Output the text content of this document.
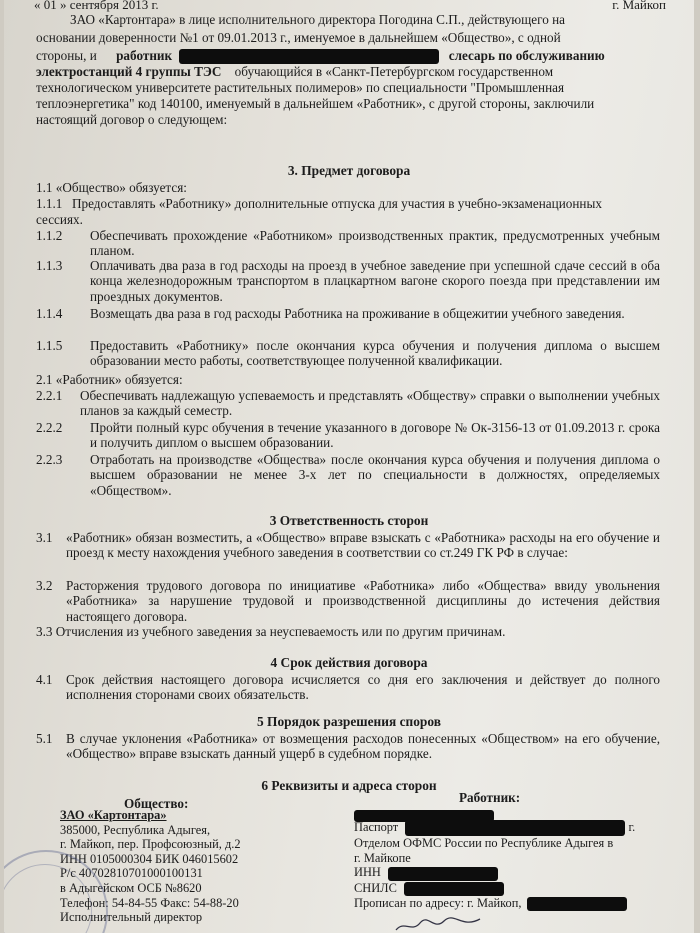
« 01 » сентября 2013 г.	г. Майкоп
ЗАО «Картонтара» в лице исполнительного директора Погодина С.П., действующего на
основании доверенности №1 от 09.01.2013 г., именуемое в дальнейшем «Общество», с одной
стороны, и работник	слесарь по обслуживанию
электростанций 4 группы ТЭС обучающийся в «Санкт-Петербургском государственном
технологическом университете растительных полимеров» по специальности "Промышленная
теплоэнергетика" код 140100, именуемый в дальнейшем «Работник», с другой стороны, заключили
настоящий договор о следующем:
3. Предмет договора
1.1 «Общество» обязуется:
1.1.1 Предоставлять «Работнику» дополнительные отпуска для участия в учебно-экзаменационных
сессиях.
1.1.2 Обеспечивать прохождение «Работником» производственных практик, предусмотренных учебным планом.
1.1.3 Оплачивать два раза в год расходы на проезд в учебное заведение при успешной сдаче сессий в оба конца железнодорожным транспортом в плацкартном вагоне скорого поезда при представлении им проездных документов.
1.1.4 Возмещать два раза в год расходы Работника на проживание в общежитии учебного заведения.
1.1.5 Предоставить «Работнику» после окончания курса обучения и получения диплома о высшем образовании место работы, соответствующее полученной квалификации.
2.1 «Работник» обязуется:
2.2.1 Обеспечивать надлежащую успеваемость и представлять «Обществу» справки о выполнении учебных планов за каждый семестр.
2.2.2 Пройти полный курс обучения в течение указанного в договоре № Ок-3156-13 от 01.09.2013 г. срока и получить диплом о высшем образовании.
2.2.3 Отработать на производстве «Общества» после окончания курса обучения и получения диплома о высшем образовании не менее 3-х лет по специальности в должностях, определяемых «Обществом».
3 Ответственность сторон
3.1 «Работник» обязан возместить, а «Общество» вправе взыскать с «Работника» расходы на его обучение и проезд к месту нахождения учебного заведения в соответствии со ст.249 ГК РФ в случае:
3.2 Расторжения трудового договора по инициативе «Работника» либо «Общества» ввиду увольнения «Работника» за нарушение трудовой и производственной дисциплины до истечения действия настоящего договора.
3.3 Отчисления из учебного заведения за неуспеваемость или по другим причинам.
4 Срок действия договора
4.1 Срок действия настоящего договора исчисляется со дня его заключения и действует до полного исполнения сторонами своих обязательств.
5 Порядок разрешения споров
5.1 В случае уклонения «Работника» от возмещения расходов понесенных «Обществом» на его обучение, «Общество» вправе взыскать данный ущерб в судебном порядке.
6 Реквизиты и адреса сторон
Общество:	Работник:
ЗАО «Картонтара»
385000, Республика Адыгея,
г. Майкоп, пер. Профсоюзный, д.2
ИНН 0105000304 БИК 046015602
Р/с 40702810701000100131
в Адыгейском ОСБ №8620
Телефон: 54-84-55 Факс: 54-88-20
Исполнительный директор
Паспорт	г.
Отделом ОФМС России по Республике Адыгея в
г. Майкопе
ИНН
СНИЛС
Прописан по адресу: г. Майкоп,
